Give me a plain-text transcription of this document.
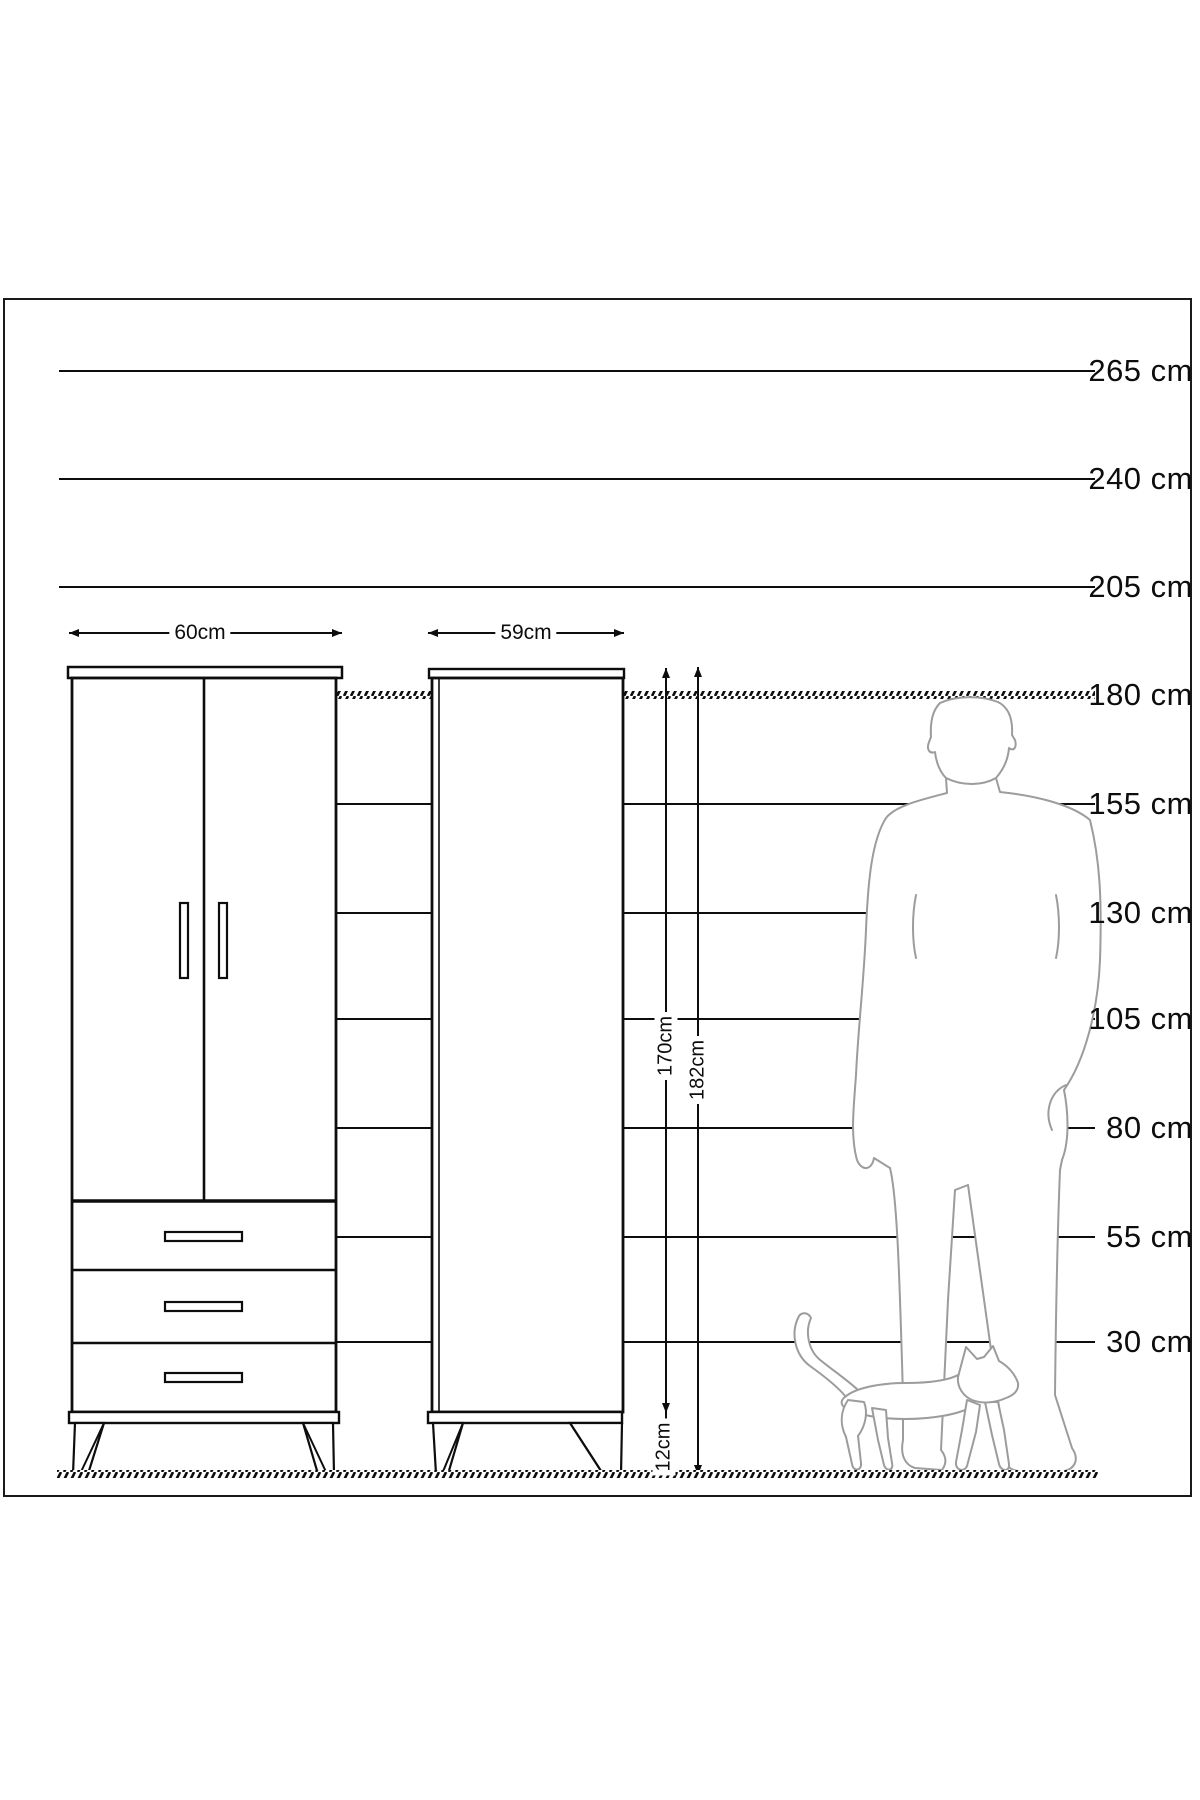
265 cm
240 cm
205 cm
180 cm
155 cm
130 cm
105 cm
80 cm
55 cm
30 cm
60cm	59cm
170cm 182cm
12cm
